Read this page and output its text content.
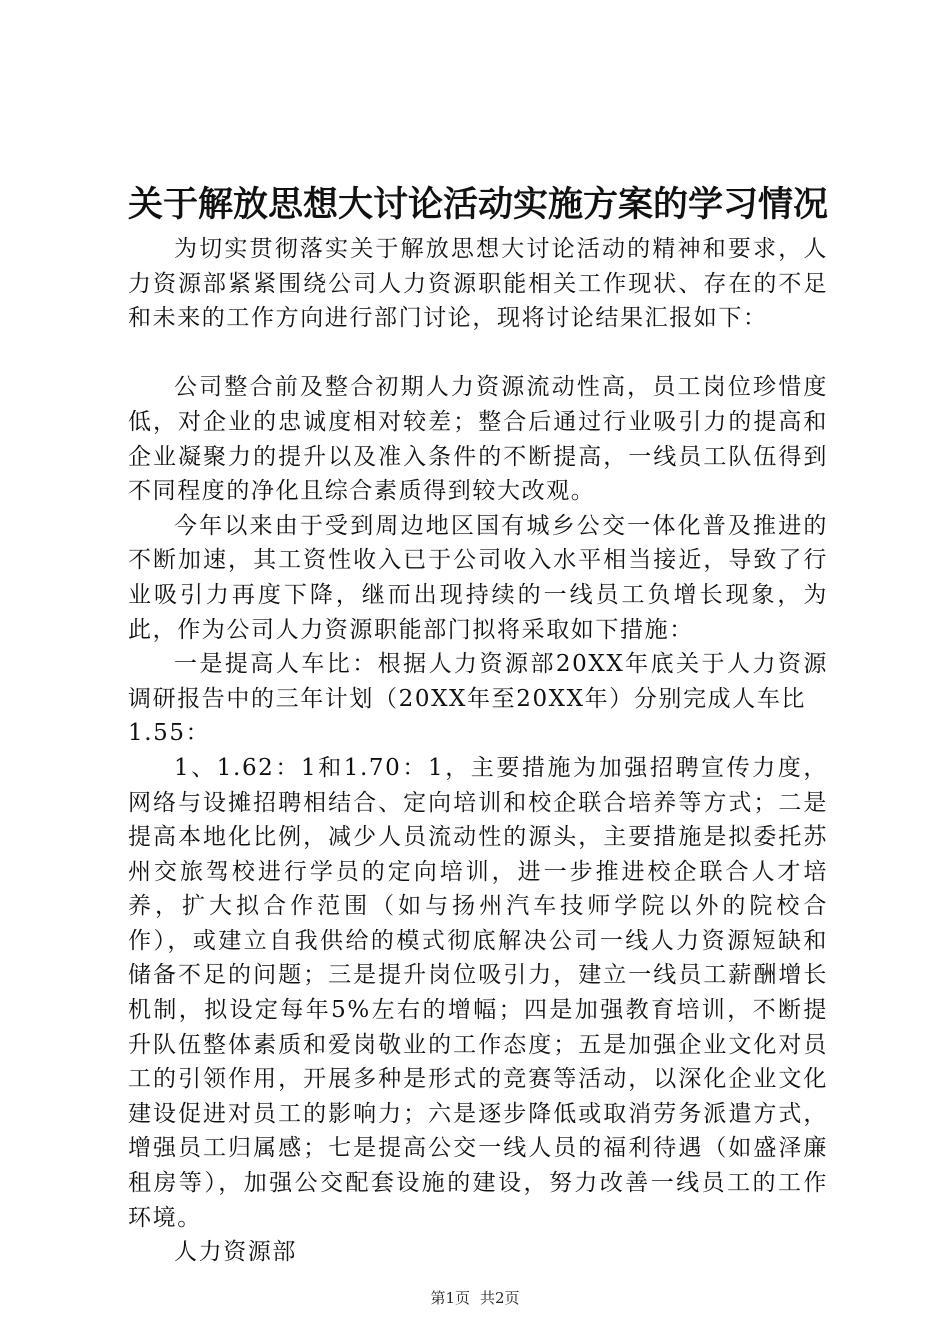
关于解放思想大讨论活动实施方案的学习情况

为切实贯彻落实关于解放思想大讨论活动的精神和要求，人力资源部紧紧围绕公司人力资源职能相关工作现状、存在的不足和未来的工作方向进行部门讨论，现将讨论结果汇报如下：

公司整合前及整合初期人力资源流动性高，员工岗位珍惜度低，对企业的忠诚度相对较差；整合后通过行业吸引力的提高和企业凝聚力的提升以及准入条件的不断提高，一线员工队伍得到不同程度的净化且综合素质得到较大改观。

今年以来由于受到周边地区国有城乡公交一体化普及推进的不断加速，其工资性收入已于公司收入水平相当接近，导致了行业吸引力再度下降，继而出现持续的一线员工负增长现象，为此，作为公司人力资源职能部门拟将采取如下措施：

一是提高人车比：根据人力资源部20XX年底关于人力资源调研报告中的三年计划（20XX年至20XX年）分别完成人车比

1.55：

1、1.62：1和1.70：1，主要措施为加强招聘宣传力度，网络与设摊招聘相结合、定向培训和校企联合培养等方式；二是提高本地化比例，减少人员流动性的源头，主要措施是拟委托苏州交旅驾校进行学员的定向培训，进一步推进校企联合人才培养，扩大拟合作范围（如与扬州汽车技师学院以外的院校合作），或建立自我供给的模式彻底解决公司一线人力资源短缺和储备不足的问题；三是提升岗位吸引力，建立一线员工薪酬增长机制，拟设定每年5%左右的增幅；四是加强教育培训，不断提升队伍整体素质和爱岗敬业的工作态度；五是加强企业文化对员工的引领作用，开展多种是形式的竞赛等活动，以深化企业文化建设促进对员工的影响力；六是逐步降低或取消劳务派遣方式，增强员工归属感；七是提高公交一线人员的福利待遇（如盛泽廉租房等），加强公交配套设施的建设，努力改善一线员工的工作环境。

人力资源部

第1页 共2页
